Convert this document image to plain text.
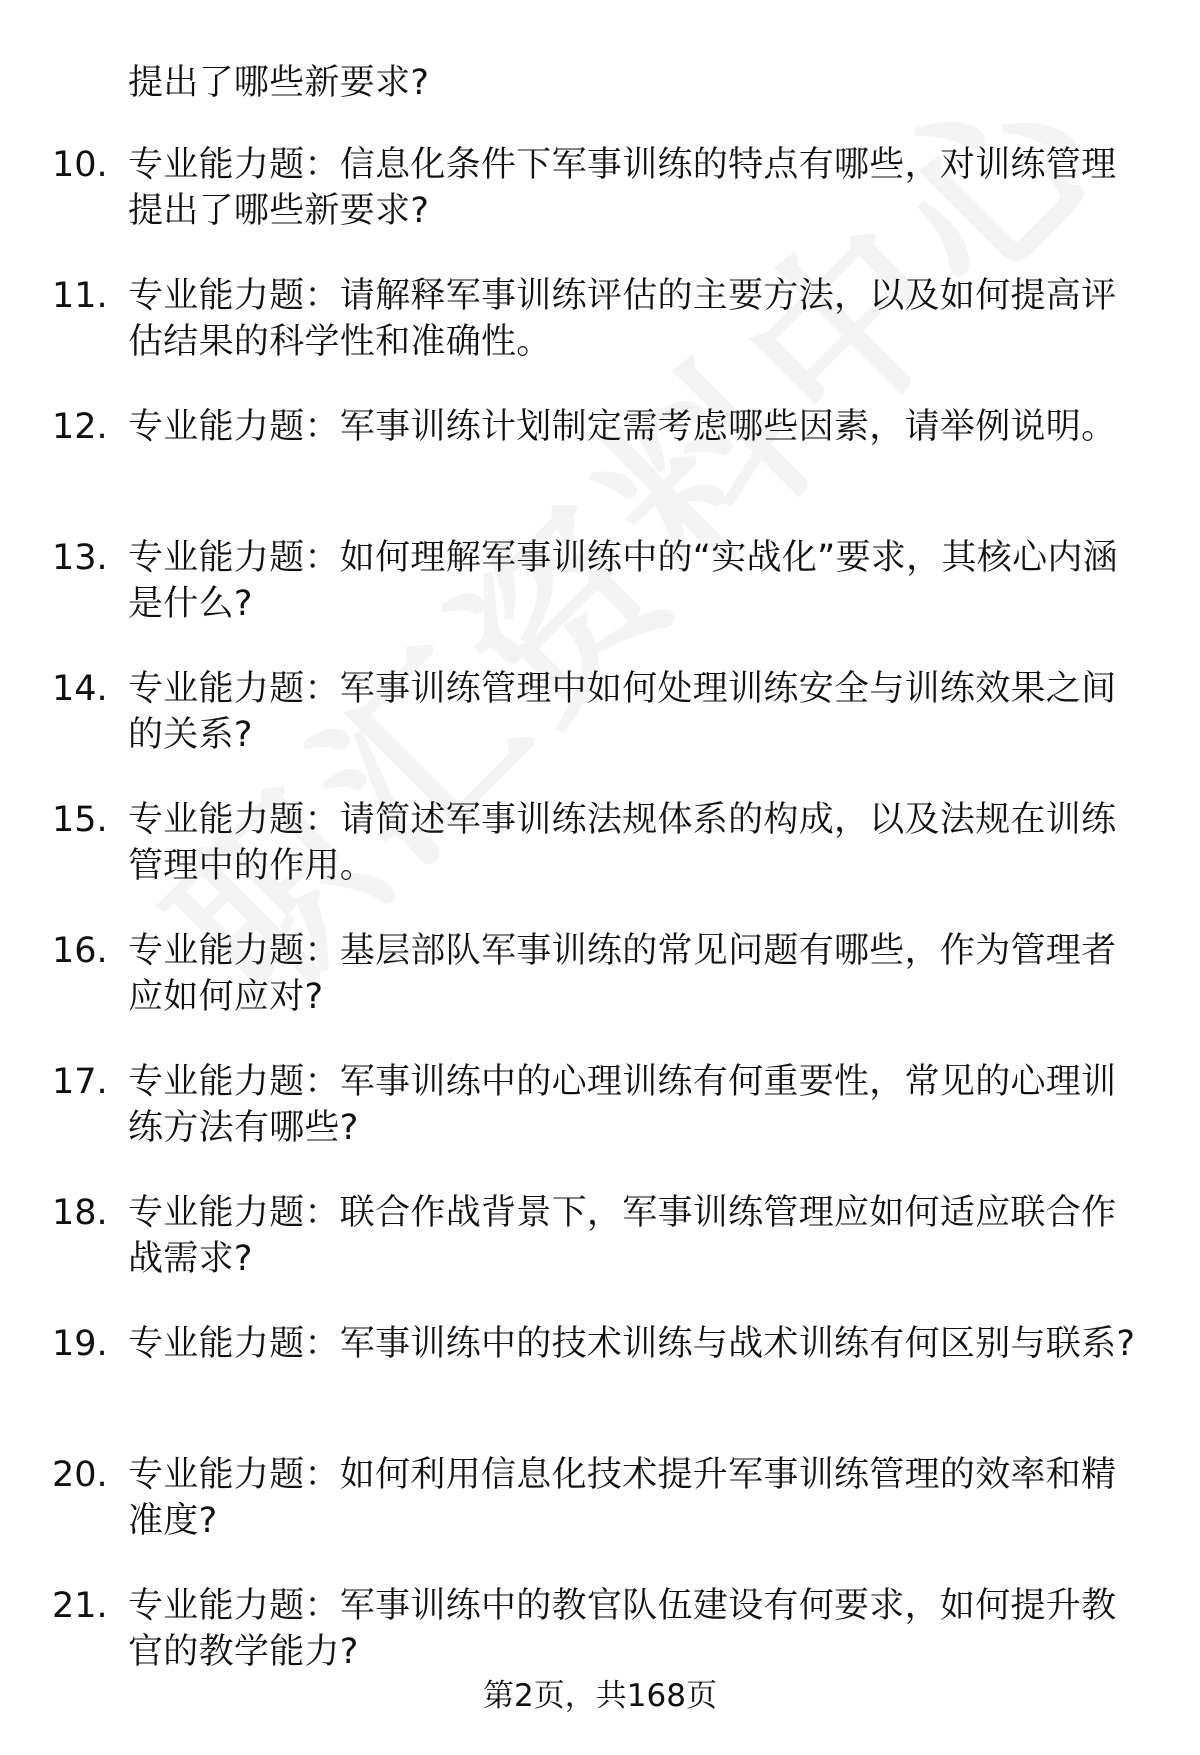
提出了哪些新要求?
10. 专业能力题：信息化条件下军事训练的特点有哪些，对训练管理提出了哪些新要求?
11. 专业能力题：请解释军事训练评估的主要方法，以及如何提高评估结果的科学性和准确性。
12. 专业能力题：军事训练计划制定需考虑哪些因素，请举例说明。
13. 专业能力题：如何理解军事训练中的“实战化”要求，其核心内涵是什么?
14. 专业能力题：军事训练管理中如何处理训练安全与训练效果之间的关系?
15. 专业能力题：请简述军事训练法规体系的构成，以及法规在训练管理中的作用。
16. 专业能力题：基层部队军事训练的常见问题有哪些，作为管理者应如何应对?
17. 专业能力题：军事训练中的心理训练有何重要性，常见的心理训练方法有哪些?
18. 专业能力题：联合作战背景下，军事训练管理应如何适应联合作战需求?
19. 专业能力题：军事训练中的技术训练与战术训练有何区别与联系?
20. 专业能力题：如何利用信息化技术提升军事训练管理的效率和精准度?
21. 专业能力题：军事训练中的教官队伍建设有何要求，如何提升教官的教学能力?
第2页，共168页
